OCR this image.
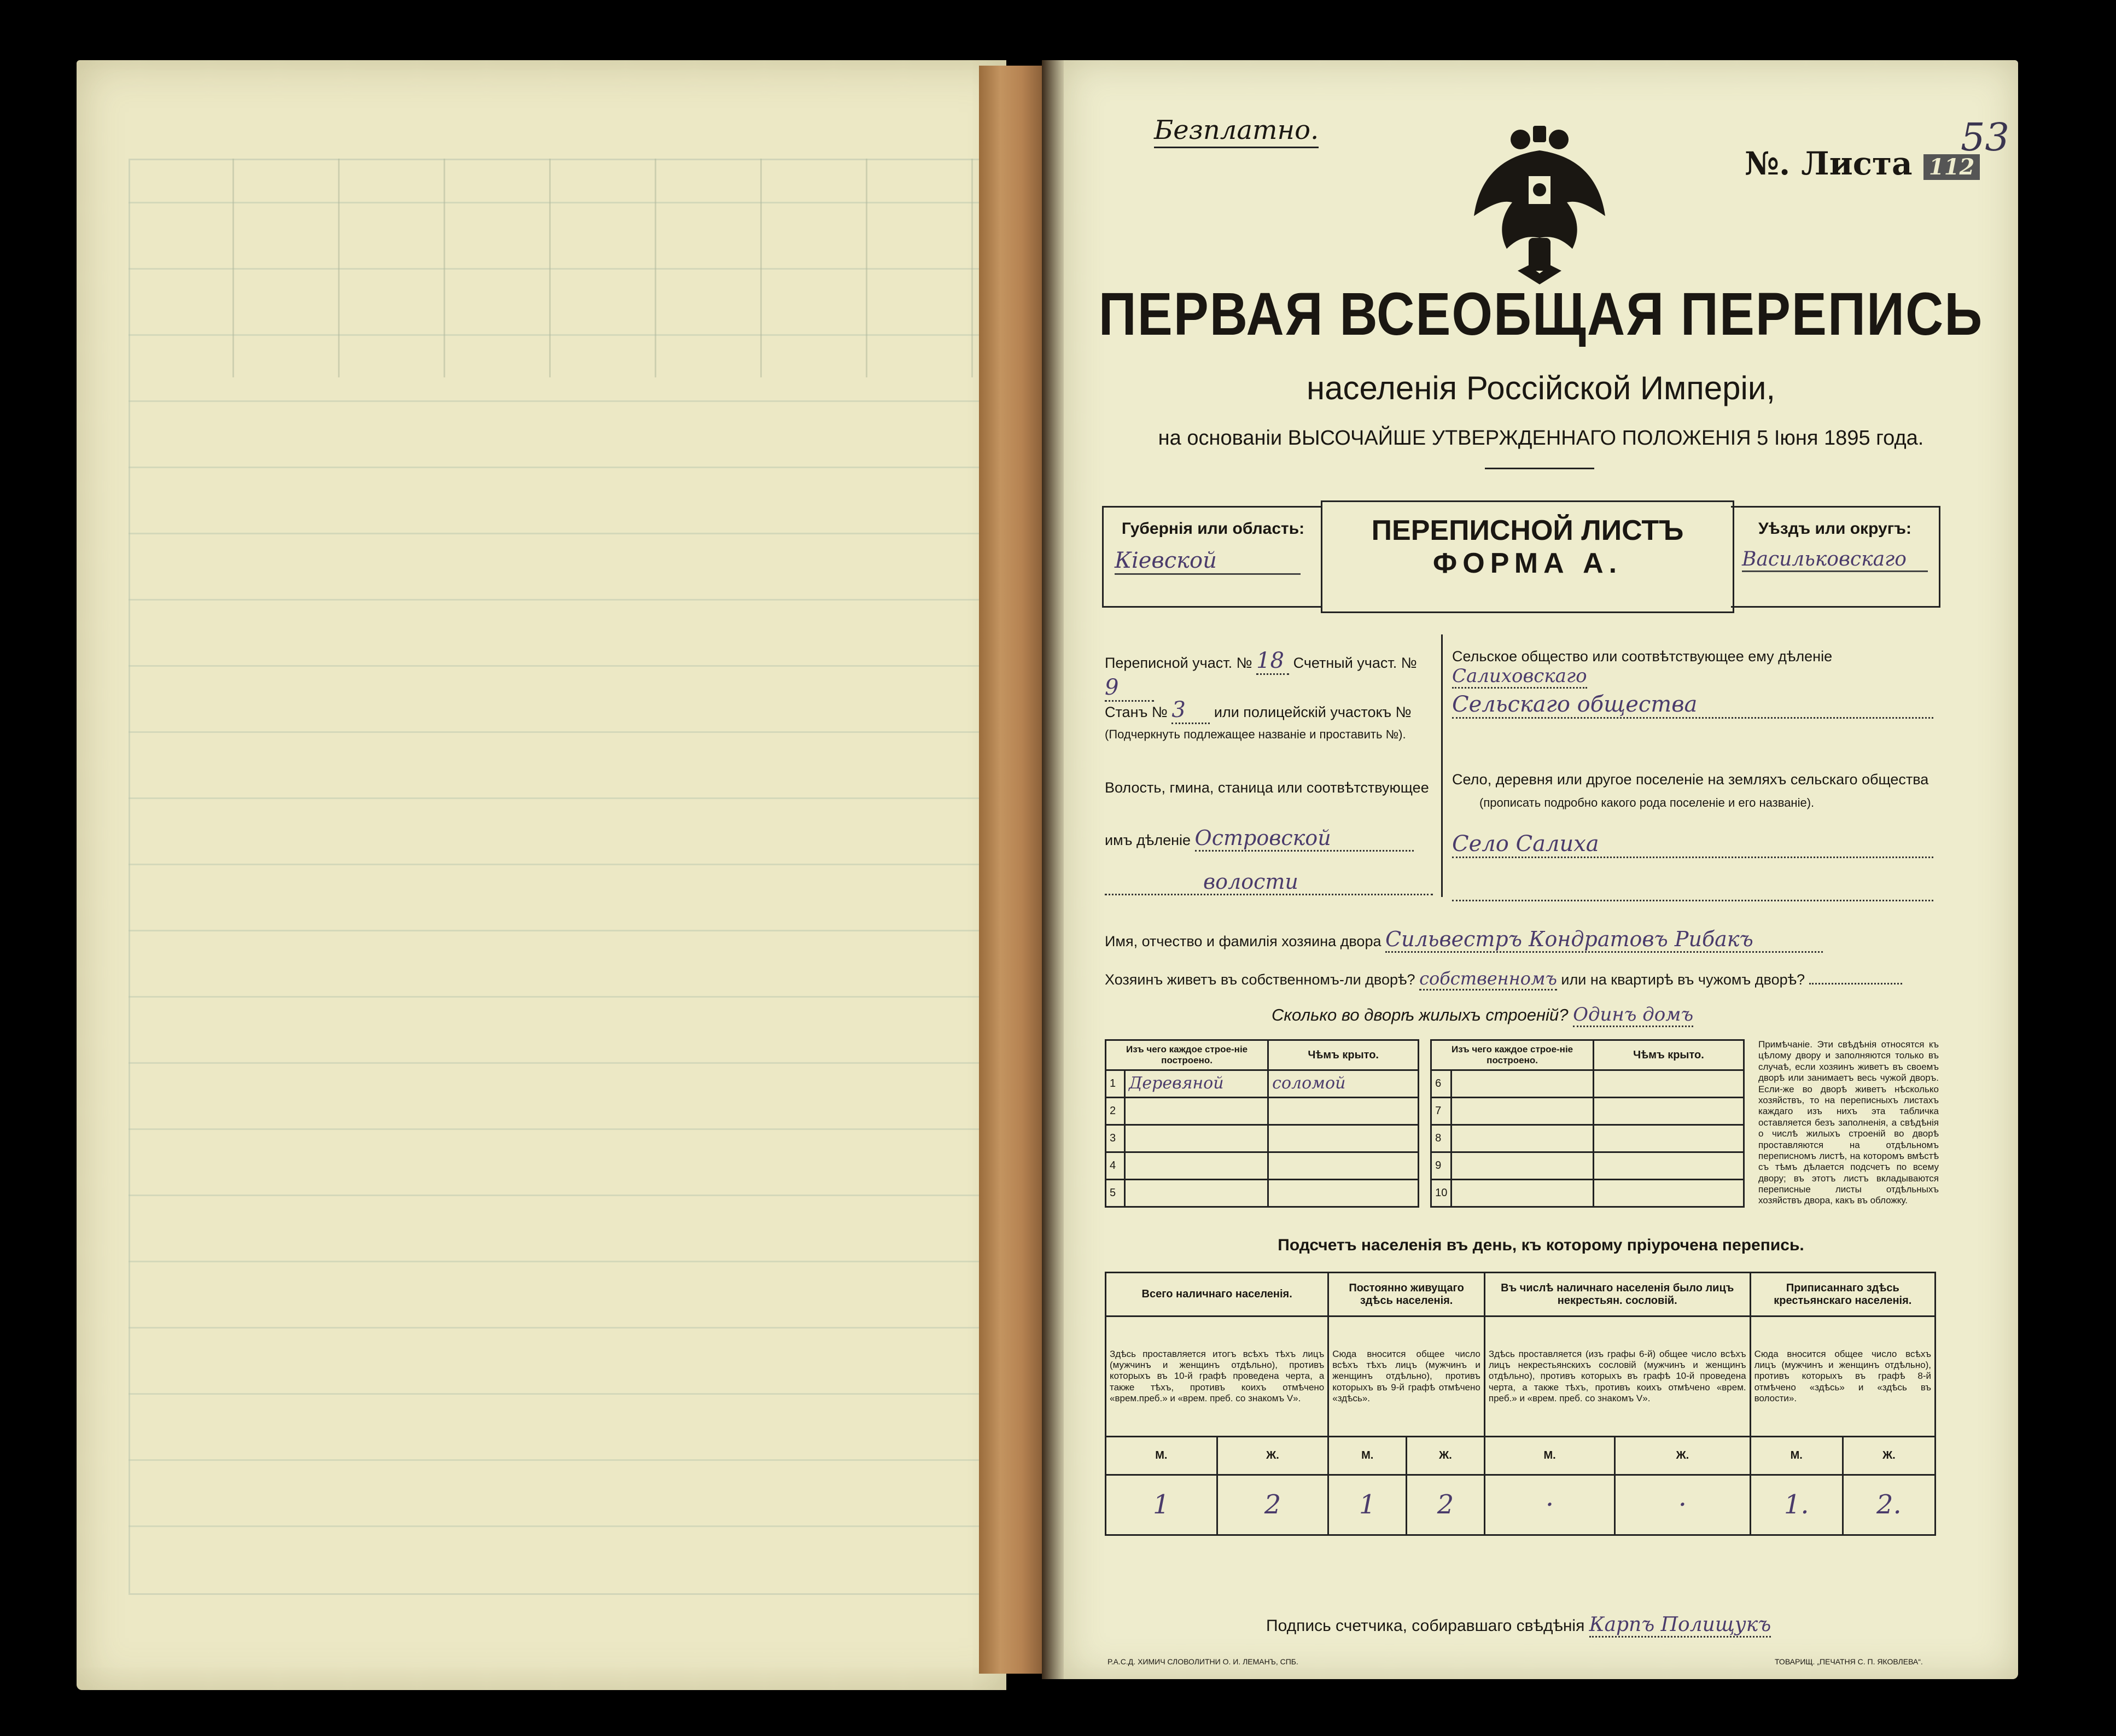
Безплатно.
№. Листа 112
53
ПЕРВАЯ ВСЕОБЩАЯ ПЕРЕПИСЬ
населенія Россійской Имперіи,
на основаніи ВЫСОЧАЙШЕ УТВЕРЖДЕННАГО ПОЛОЖЕНІЯ 5 Іюня 1895 года.
Губернія или область:
Кіевской
ПЕРЕПИСНОЙ ЛИСТЪ
ФОРМА А.
Уѣздъ или округъ:
Васильковскаго
Переписной участ. № 18 Счетный участ. № 9
Станъ № 3 или полицейскій участокъ №
(Подчеркнуть подлежащее названіе и проставить №).
Волость, гмина, станица или соотвѣтствующее
имъ дѣленіе Островской
волости
Сельское общество или соотвѣтствующее ему дѣленіе Салиховскаго
Сельскаго общества
Село, деревня или другое поселеніе на земляхъ сельскаго общества
(прописать подробно какого рода поселеніе и его названіе).
Село Салиха
Имя, отчество и фамилія хозяина двора Сильвестръ Кондратовъ Рибакъ
Хозяинъ живетъ въ собственномъ-ли дворѣ? собственномъ или на квартирѣ въ чужомъ дворѣ?
Сколько во дворѣ жилыхъ строеній? Одинъ домъ
Изъ чего каждое строе-ніе построено.		Чѣмъ крыто.		Изъ чего каждое строе-ніе построено.		Чѣмъ крыто.
1	Деревяной	соломой		6		
2				7		
3				8		
4				9		
5				10		
Примѣчаніе. Эти свѣдѣнія относятся къ цѣлому двору и заполняются только въ случаѣ, если хозяинъ живетъ въ своемъ дворѣ или занимаетъ весь чужой дворъ. Если-же во дворѣ живетъ нѣсколько хозяйствъ, то на переписныхъ листахъ каждаго изъ нихъ эта табличка оставляется безъ заполненія, а свѣдѣнія о числѣ жилыхъ строеній во дворѣ проставляются на отдѣльномъ переписномъ листѣ, на которомъ вмѣстѣ съ тѣмъ дѣлается подсчетъ по всему двору; въ этотъ листъ вкладываются переписные листы отдѣльныхъ хозяйствъ двора, какъ въ обложку.
Подсчетъ населенія въ день, къ которому пріурочена перепись.
Всего наличнаго населенія.		Постоянно живущаго здѣсь населенія.		Въ числѣ наличнаго населенія было лицъ некрестьян. сословій.		Приписаннаго здѣсь крестьянскаго населенія.	
Здѣсь проставляется итогъ всѣхъ тѣхъ лицъ (мужчинъ и женщинъ отдѣльно), противъ которыхъ въ 10-й графѣ проведена черта, а также тѣхъ, противъ коихъ отмѣчено «врем.преб.» и «врем. преб. со знакомъ V».		Сюда вносится общее число всѣхъ тѣхъ лицъ (мужчинъ и женщинъ отдѣльно), противъ которыхъ въ 9-й графѣ отмѣчено «здѣсь».		Здѣсь проставляется (изъ графы 6-й) общее число всѣхъ лицъ некрестьянскихъ сословій (мужчинъ и женщинъ отдѣльно), противъ которыхъ въ графѣ 10-й проведена черта, а также тѣхъ, противъ коихъ отмѣчено «врем. преб.» и «врем. преб. со знакомъ V».		Сюда вносится общее число всѣхъ лицъ (мужчинъ и женщинъ отдѣльно), противъ которыхъ въ графѣ 8-й отмѣчено «здѣсь» и «здѣсь въ волости».	
М.	Ж.	М.	Ж.	М.	Ж.	М.	Ж.
1	2	1	2	·	·	1.	2.
Подпись счетчика, собиравшаго свѣдѣнія Карпъ Полищукъ
Р.А.С.Д. ХИМИЧ СЛОВОЛИТНИ О. И. ЛЕМАНЪ, СПБ.	ТОВАРИЩ. „ПЕЧАТНЯ С. П. ЯКОВЛЕВА“.
